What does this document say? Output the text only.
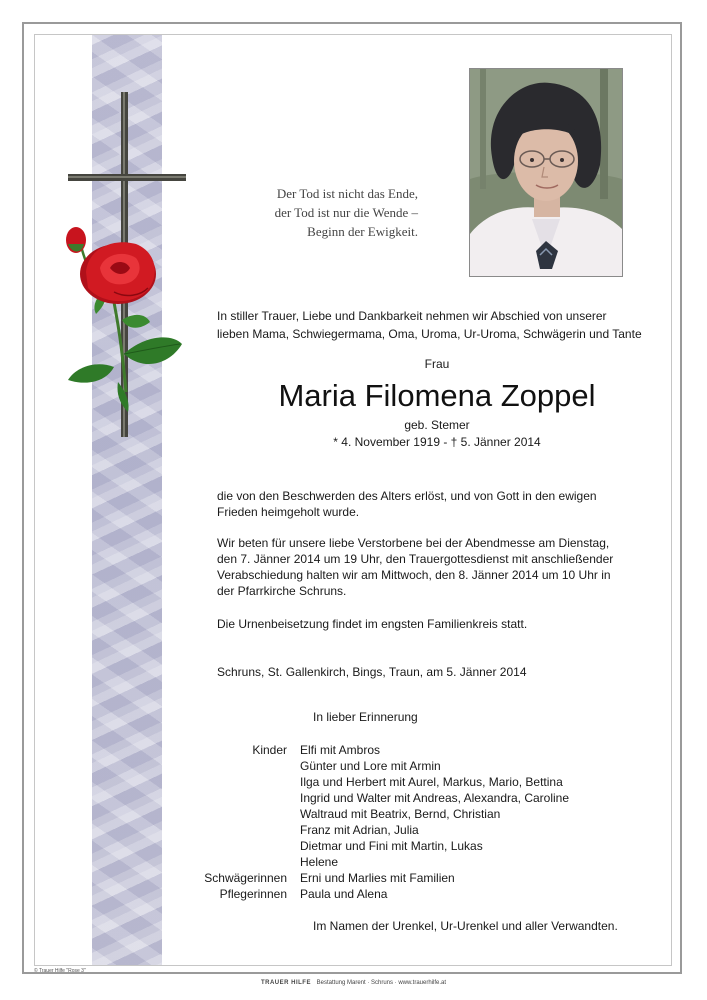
Der Tod ist nicht das Ende,
der Tod ist nur die Wende –
Beginn der Ewigkeit.
In stiller Trauer, Liebe und Dankbarkeit nehmen wir Abschied von unserer
lieben Mama, Schwiegermama, Oma, Uroma, Ur-Uroma, Schwägerin und Tante
Frau
Maria Filomena Zoppel
geb. Stemer
* 4. November 1919 - † 5. Jänner 2014
die von den Beschwerden des Alters erlöst, und von Gott in den ewigen
Frieden heimgeholt wurde.
Wir beten für unsere liebe Verstorbene bei der Abendmesse am Dienstag,
den 7. Jänner 2014 um 19 Uhr, den Trauergottesdienst mit anschließender
Verabschiedung halten wir am Mittwoch, den 8. Jänner 2014 um 10 Uhr in
der Pfarrkirche Schruns.
Die Urnenbeisetzung findet im engsten Familienkreis statt.
Schruns, St. Gallenkirch, Bings, Traun, am 5. Jänner 2014
In lieber Erinnerung
Kinder	Elfi mit Ambros
Günter und Lore mit Armin
Ilga und Herbert mit Aurel, Markus, Mario, Bettina
Ingrid und Walter mit Andreas, Alexandra, Caroline
Waltraud mit Beatrix, Bernd, Christian
Franz mit Adrian, Julia
Dietmar und Fini mit Martin, Lukas
Helene
Schwägerinnen	Erni und Marlies mit Familien
Pflegerinnen	Paula und Alena
Im Namen der Urenkel, Ur-Urenkel und aller Verwandten.
© Trauer Hilfe "Rose 3"
TRAUER HILFE Bestattung Marent · Schruns · www.trauerhilfe.at
